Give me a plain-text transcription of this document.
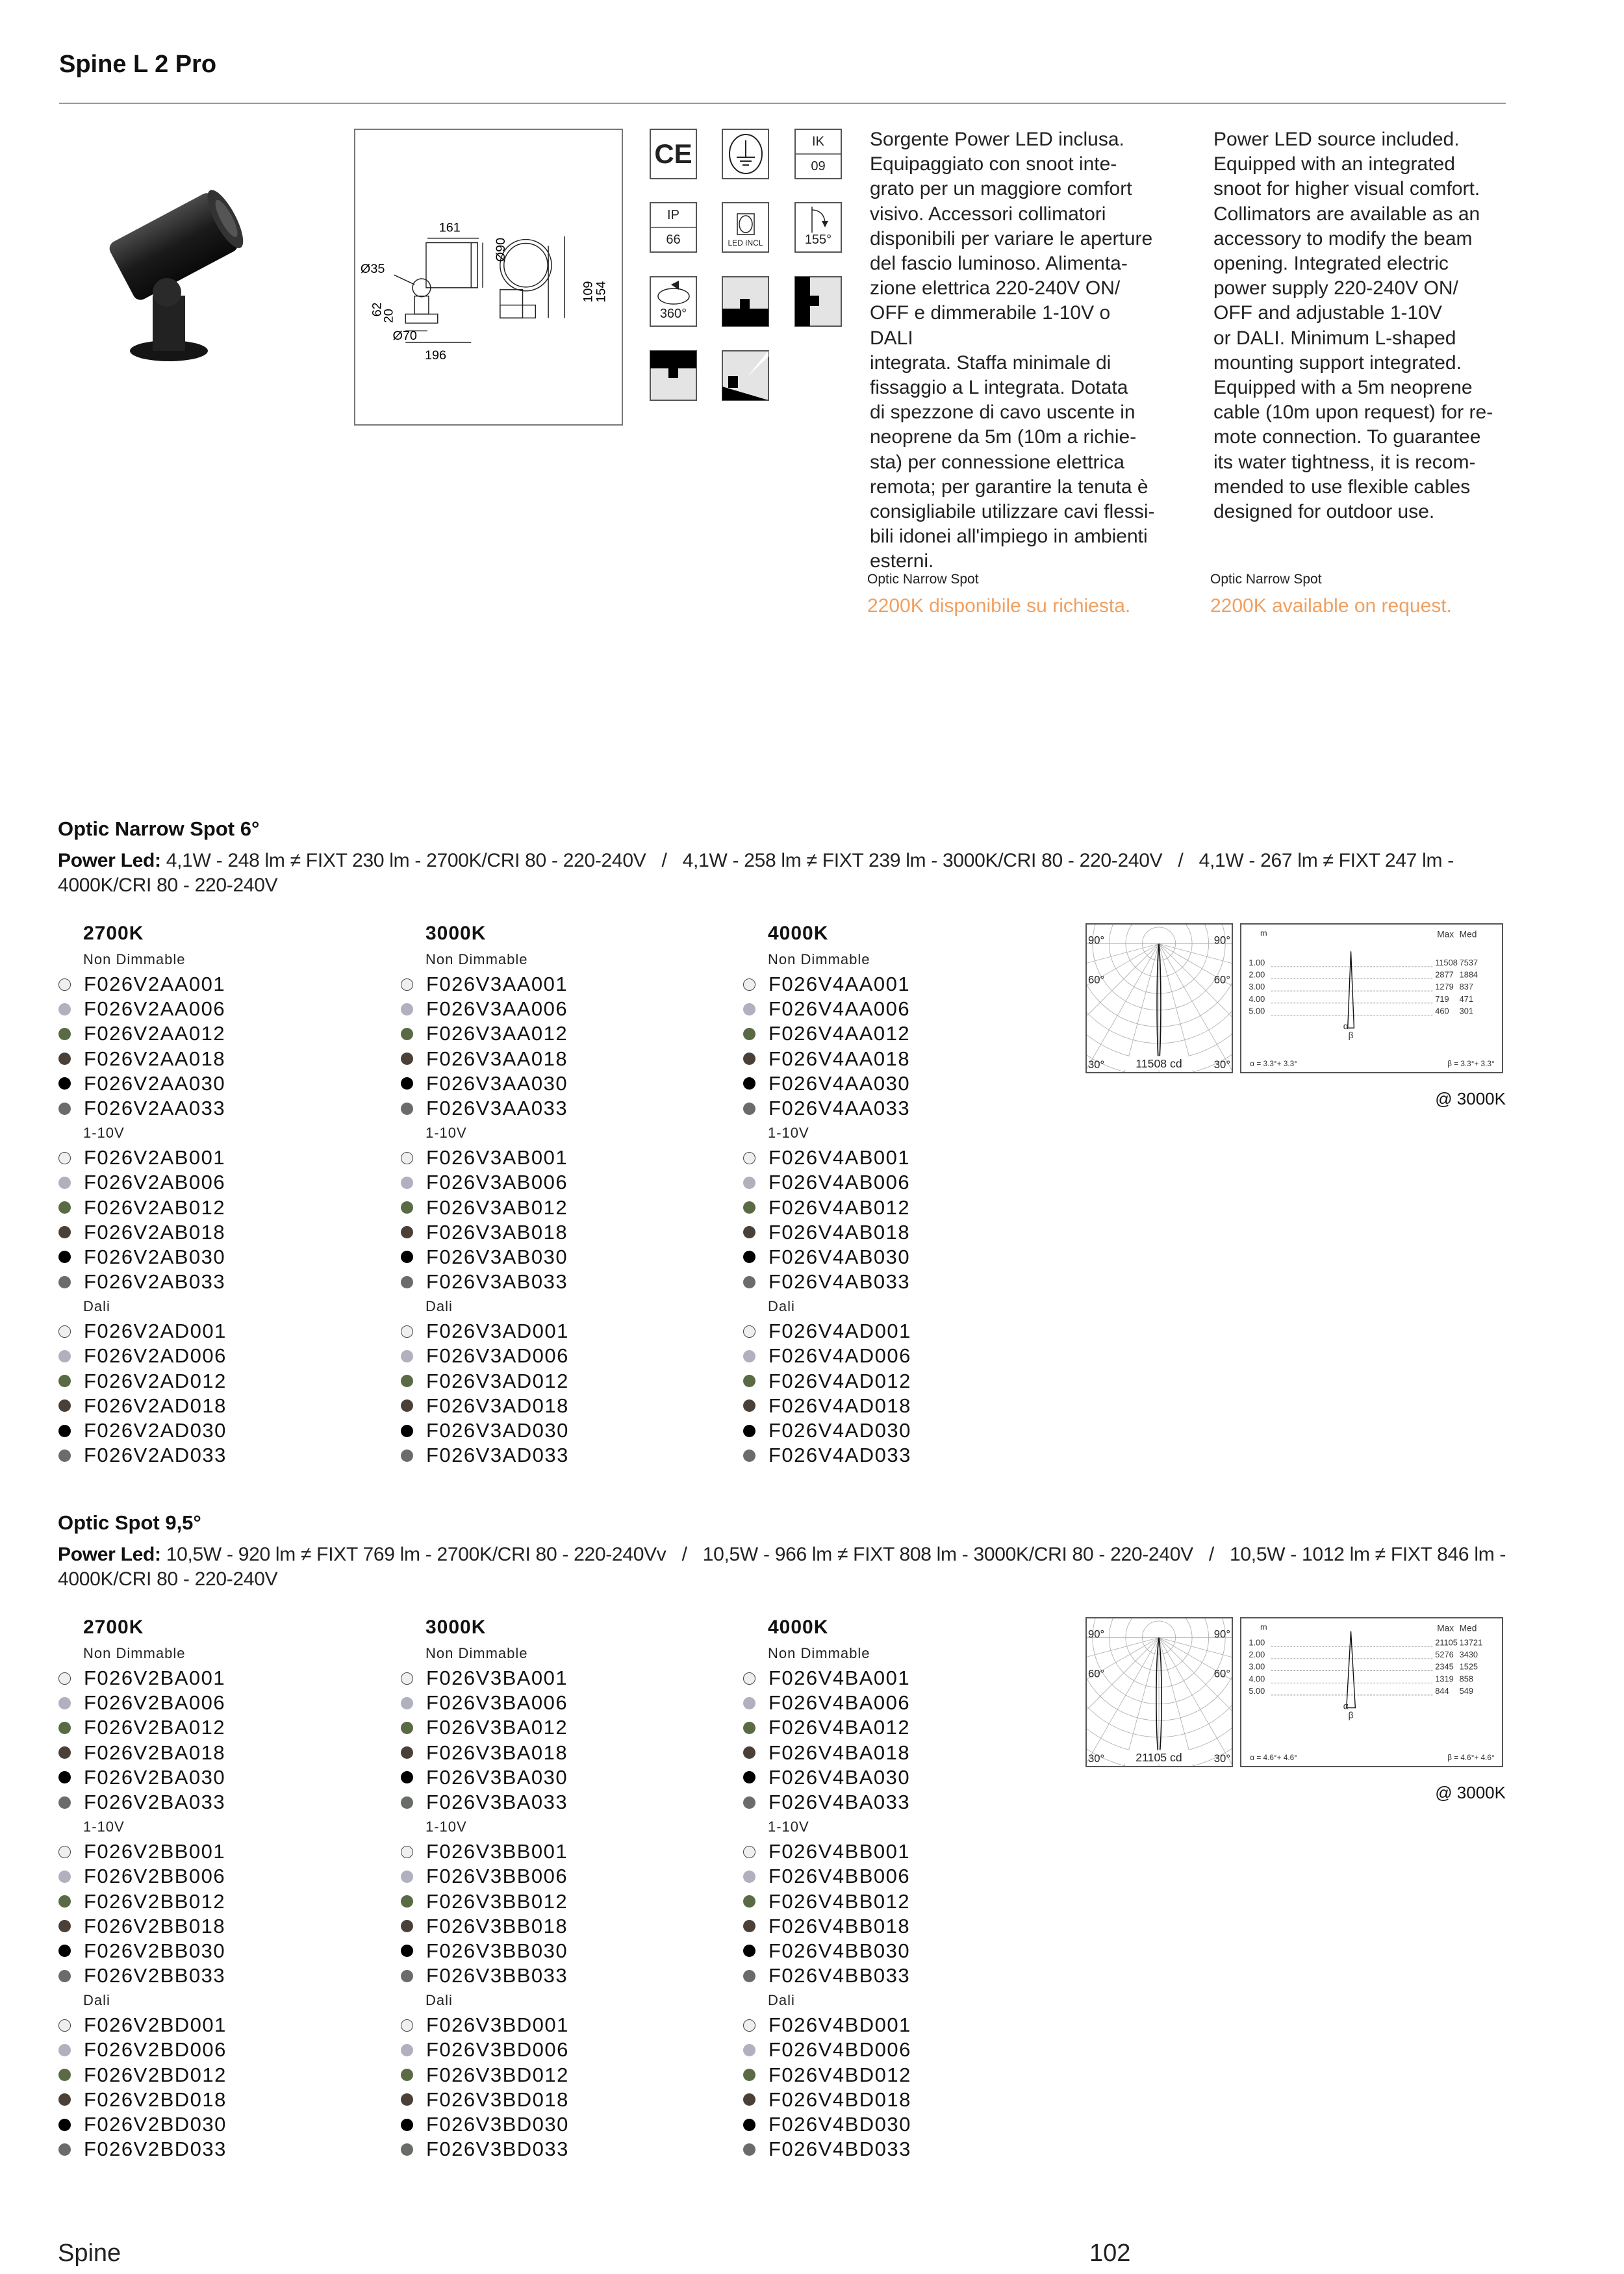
Spine L 2 Pro
161
Ø90
Ø35
62
20
Ø70
196
109
154
CE	IK
09
IP
66	LED INCL	155°
360°
Sorgente Power LED inclusa.
Equipaggiato con snoot inte-
grato per un maggiore comfort
visivo. Accessori collimatori
disponibili per variare le aperture
del fascio luminoso. Alimenta-
zione elettrica 220-240V ON/
OFF e dimmerabile 1-10V o DALI
integrata. Staffa minimale di
fissaggio a L integrata. Dotata
di spezzone di cavo uscente in
neoprene da 5m (10m a richie-
sta) per connessione elettrica
remota; per garantire la tenuta è
consigliabile utilizzare cavi flessi-
bili idonei all'impiego in ambienti
esterni.
Power LED source included.
Equipped with an integrated
snoot for higher visual comfort.
Collimators are available as an
accessory to modify the beam
opening. Integrated electric
power supply 220-240V ON/
OFF and adjustable 1-10V
or DALI. Minimum L-shaped
mounting support integrated.
Equipped with a 5m neoprene
cable (10m upon request) for re-
mote connection. To guarantee
its water tightness, it is recom-
mended to use flexible cables
designed for outdoor use.
Optic Narrow Spot
2200K disponibile su richiesta.
Optic Narrow Spot
2200K available on request.
Optic Narrow Spot 6°
Power Led: 4,1W - 248 lm ≠ FIXT 230 lm - 2700K/CRI 80 - 220-240V   /   4,1W - 258 lm ≠ FIXT 239 lm - 3000K/CRI 80 - 220-240V   /   4,1W - 267 lm ≠ FIXT 247 lm - 4000K/CRI 80 - 220-240V
2700K
Non Dimmable
F026V2AA001
F026V2AA006
F026V2AA012
F026V2AA018
F026V2AA030
F026V2AA033
1-10V
F026V2AB001
F026V2AB006
F026V2AB012
F026V2AB018
F026V2AB030
F026V2AB033
Dali
F026V2AD001
F026V2AD006
F026V2AD012
F026V2AD018
F026V2AD030
F026V2AD033
3000K
Non Dimmable
F026V3AA001
F026V3AA006
F026V3AA012
F026V3AA018
F026V3AA030
F026V3AA033
1-10V
F026V3AB001
F026V3AB006
F026V3AB012
F026V3AB018
F026V3AB030
F026V3AB033
Dali
F026V3AD001
F026V3AD006
F026V3AD012
F026V3AD018
F026V3AD030
F026V3AD033
4000K
Non Dimmable
F026V4AA001
F026V4AA006
F026V4AA012
F026V4AA018
F026V4AA030
F026V4AA033
1-10V
F026V4AB001
F026V4AB006
F026V4AB012
F026V4AB018
F026V4AB030
F026V4AB033
Dali
F026V4AD001
F026V4AD006
F026V4AD012
F026V4AD018
F026V4AD030
F026V4AD033
90°	90°
60°	60°
30°	30°
11508 cd
m	Max Med
1.00	11508 7537
2.00	2877 1884
3.00	1279 837
4.00	719 471
5.00	460 301
α
β
α = 3.3°+ 3.3°	β = 3.3°+ 3.3°
@ 3000K
Optic Spot 9,5°
Power Led: 10,5W - 920 lm ≠ FIXT 769 lm - 2700K/CRI 80 - 220-240Vv   /   10,5W - 966 lm ≠ FIXT 808 lm - 3000K/CRI 80 - 220-240V   /   10,5W - 1012 lm ≠ FIXT 846 lm - 4000K/CRI 80 - 220-240V
2700K
Non Dimmable
F026V2BA001
F026V2BA006
F026V2BA012
F026V2BA018
F026V2BA030
F026V2BA033
1-10V
F026V2BB001
F026V2BB006
F026V2BB012
F026V2BB018
F026V2BB030
F026V2BB033
Dali
F026V2BD001
F026V2BD006
F026V2BD012
F026V2BD018
F026V2BD030
F026V2BD033
3000K
Non Dimmable
F026V3BA001
F026V3BA006
F026V3BA012
F026V3BA018
F026V3BA030
F026V3BA033
1-10V
F026V3BB001
F026V3BB006
F026V3BB012
F026V3BB018
F026V3BB030
F026V3BB033
Dali
F026V3BD001
F026V3BD006
F026V3BD012
F026V3BD018
F026V3BD030
F026V3BD033
4000K
Non Dimmable
F026V4BA001
F026V4BA006
F026V4BA012
F026V4BA018
F026V4BA030
F026V4BA033
1-10V
F026V4BB001
F026V4BB006
F026V4BB012
F026V4BB018
F026V4BB030
F026V4BB033
Dali
F026V4BD001
F026V4BD006
F026V4BD012
F026V4BD018
F026V4BD030
F026V4BD033
90°	90°
60°	60°
30°	30°
21105 cd
m	Max Med
1.00	21105 13721
2.00	5276 3430
3.00	2345 1525
4.00	1319 858
5.00	844 549
α
β
α = 4.6°+ 4.6°	β = 4.6°+ 4.6°
@ 3000K
Spine	102
